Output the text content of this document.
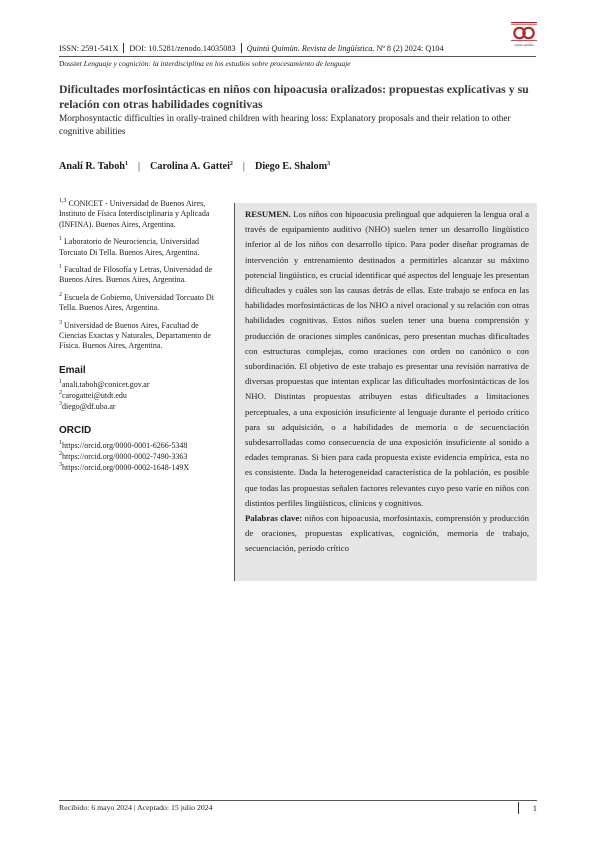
ISSN: 2591-541X DOI: 10.5281/zenodo.14035083 Quintú Quimün. Revista de lingüística. Nº 8 (2) 2024: Q104
Dossier Lenguaje y cognición: la interdisciplina en los estudios sobre procesamiento de lenguaje
Quintú Quimün
Dificultades morfosintácticas en niños con hipoacusia oralizados: propuestas explicativas y su relación con otras habilidades cognitivas
Morphosyntactic difficulties in orally-trained children with hearing loss: Explanatory proposals and their relation to other cognitive abilities
Analí R. Taboh$^1$ | Carolina A. Gattei$^2$ | Diego E. Shalom$^3$
$^{1,3}$ CONICET - Universidad de Buenos Aires, Instituto de Física Interdisciplinaria y Aplicada (INFINA). Buenos Aires, Argentina.
$^1$ Laboratorio de Neurociencia, Universidad Torcuato Di Tella. Buenos Aires, Argentina.
$^1$ Facultad de Filosofía y Letras, Universidad de Buenos Aires. Buenos Aires, Argentina.
$^2$ Escuela de Gobierno, Universidad Torcuato Di Tella. Buenos Aires, Argentina.
$^3$ Universidad de Buenos Aires, Facultad de Ciencias Exactas y Naturales, Departamento de Física. Buenos Aires, Argentina.
Email
$^1$anali.taboh@conicet.gov.ar
$^2$carogattei@utdt.edu
$^3$diego@df.uba.ar
ORCID
$^1$https://orcid.org/0000-0001-6266-5348
$^2$https://orcid.org/0000-0002-7490-3363
$^3$https://orcid.org/0000-0002-1648-149X
RESUMEN. Los niños con hipoacusia prelingual que adquieren la lengua oral a través de equipamiento auditivo (NHO) suelen tener un desarrollo lingüístico inferior al de los niños con desarrollo típico. Para poder diseñar programas de intervención y entrenamiento destinados a permitirles alcanzar su máximo potencial lingüístico, es crucial identificar qué aspectos del lenguaje les presentan dificultades y cuáles son las causas detrás de ellas. Este trabajo se enfoca en las habilidades morfosintácticas de los NHO a nivel oracional y su relación con otras habilidades cognitivas. Estos niños suelen tener una buena comprensión y producción de oraciones simples canónicas, pero presentan muchas dificultades con estructuras complejas, como oraciones con orden no canónico o con subordinación. El objetivo de este trabajo es presentar una revisión narrativa de diversas propuestas que intentan explicar las dificultades morfosintácticas de los NHO. Distintas propuestas atribuyen estas dificultades a limitaciones perceptuales, a una exposición insuficiente al lenguaje durante el periodo crítico para su adquisición, o a habilidades de memoria o de secuenciación subdesarrolladas como consecuencia de una exposición insuficiente al sonido a edades tempranas. Si bien para cada propuesta existe evidencia empírica, esta no es consistente. Dada la heterogeneidad característica de la población, es posible que todas las propuestas señalen factores relevantes cuyo peso varíe en niños con distintos perfiles lingüísticos, clínicos y cognitivos.
Palabras clave: niños con hipoacusia, morfosintaxis, comprensión y producción de oraciones, propuestas explicativas, cognición, memoria de trabajo, secuenciación, periodo crítico
Recibido: 6 mayo 2024 | Aceptado: 15 julio 2024	1
